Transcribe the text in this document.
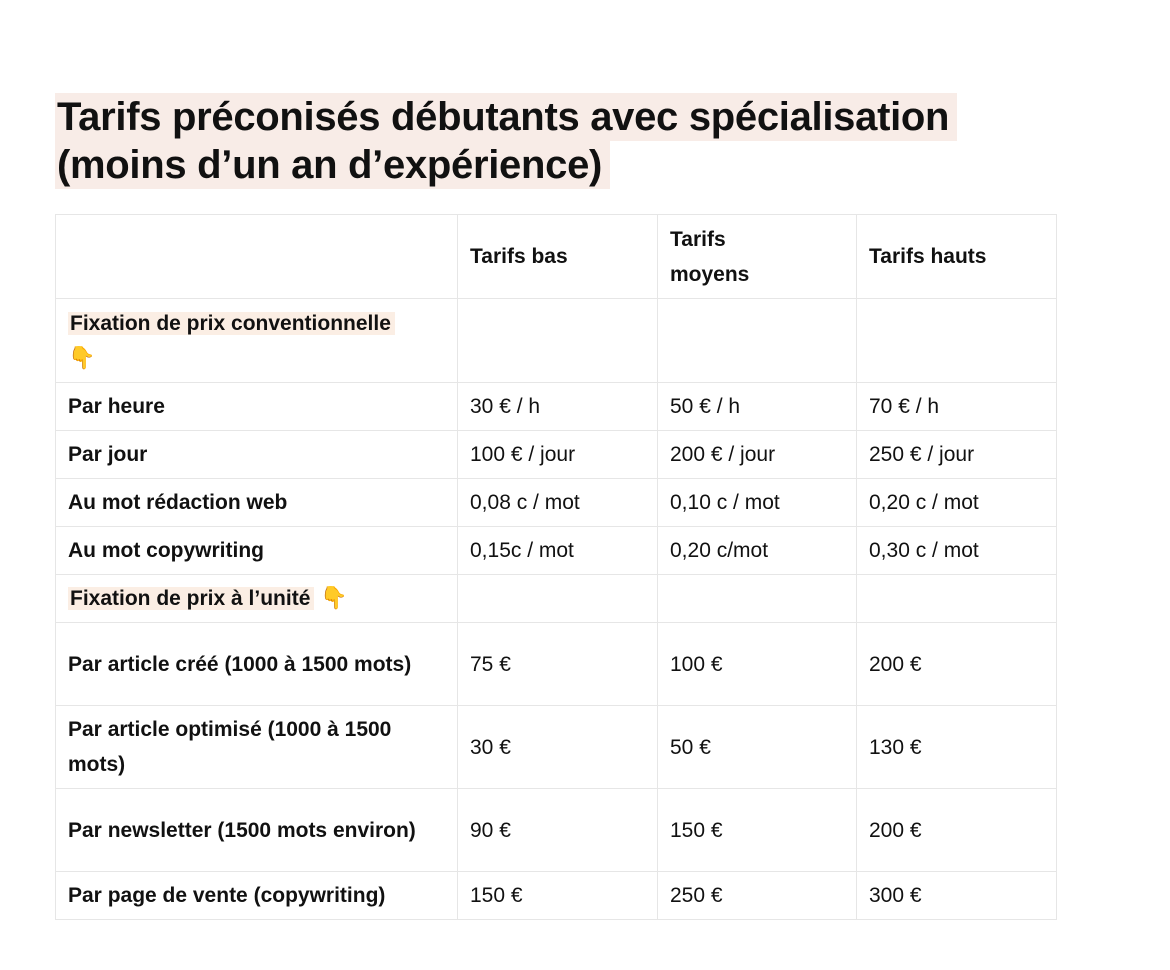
Tarifs préconisés débutants avec spécialisation
(moins d’un an d’expérience)
	Tarifs bas	Tarifs moyens	Tarifs hauts
Fixation de prix conventionnelle
👇			
Par heure	30 € / h	50 € / h	70 € / h
Par jour	100 € / jour	200 € / jour	250 € / jour
Au mot rédaction web	0,08 c / mot	0,10 c / mot	0,20 c / mot
Au mot copywriting	0,15c / mot	0,20 c/mot	0,30 c / mot
Fixation de prix à l’unité 👇			
Par article créé (1000 à 1500 mots)	75 €	100 €	200 €
Par article optimisé (1000 à 1500 mots)	30 €	50 €	130 €
Par newsletter (1500 mots environ)	90 €	150 €	200 €
Par page de vente (copywriting)	150 €	250 €	300 €
